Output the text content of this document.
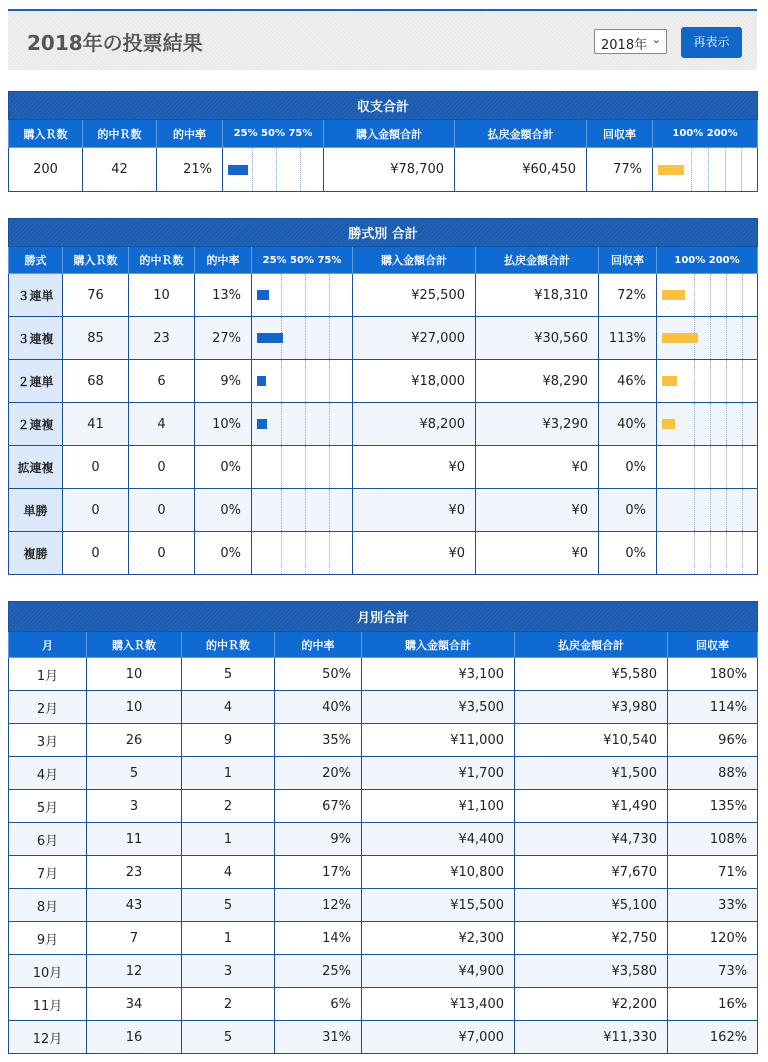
2018年の投票結果	2018年 ⌄	再表示
収支合計							
購入Ｒ数	的中Ｒ数	的中率	25% 50% 75%	購入金額合計	払戻金額合計	回収率	100% 200%
200	42	21%		¥78,700	¥60,450	77%	
勝式別 合計								
勝式	購入Ｒ数	的中Ｒ数	的中率	25% 50% 75%	購入金額合計	払戻金額合計	回収率	100% 200%
３連単	76	10	13%		¥25,500	¥18,310	72%	

３連複	85	23	27%		¥27,000	¥30,560	113%	

２連単	68	6	9%		¥18,000	¥8,290	46%	

２連複	41	4	10%		¥8,200	¥3,290	40%	

拡連複	0	0	0%		¥0	¥0	0%	

単勝	0	0	0%		¥0	¥0	0%	

複勝	0	0	0%		¥0	¥0	0%	
月別合計						
月	購入Ｒ数	的中Ｒ数	的中率	購入金額合計	払戻金額合計	回収率
1月	10	5	50%	¥3,100	¥5,580	180%
2月	10	4	40%	¥3,500	¥3,980	114%
3月	26	9	35%	¥11,000	¥10,540	96%
4月	5	1	20%	¥1,700	¥1,500	88%
5月	3	2	67%	¥1,100	¥1,490	135%
6月	11	1	9%	¥4,400	¥4,730	108%
7月	23	4	17%	¥10,800	¥7,670	71%
8月	43	5	12%	¥15,500	¥5,100	33%
9月	7	1	14%	¥2,300	¥2,750	120%
10月	12	3	25%	¥4,900	¥3,580	73%
11月	34	2	6%	¥13,400	¥2,200	16%
12月	16	5	31%	¥7,000	¥11,330	162%
